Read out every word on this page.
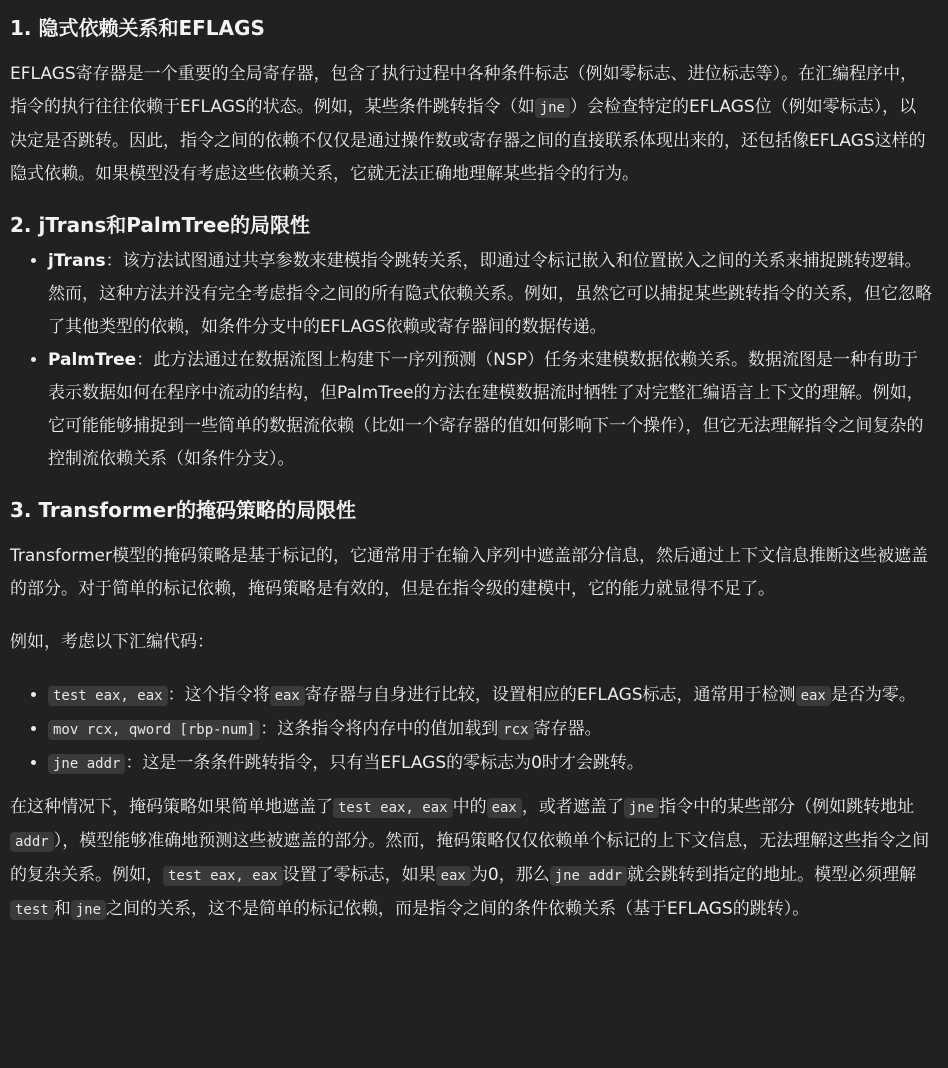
1. 隐式依赖关系和EFLAGS

EFLAGS寄存器是一个重要的全局寄存器，包含了执行过程中各种条件标志（例如零标志、进位标志等）。在汇编程序中，指令的执行往往依赖于EFLAGS的状态。例如，某些条件跳转指令（如 jne ）会检查特定的EFLAGS位（例如零标志），以决定是否跳转。因此，指令之间的依赖不仅仅是通过操作数或寄存器之间的直接联系体现出来的，还包括像EFLAGS这样的隐式依赖。如果模型没有考虑这些依赖关系，它就无法正确地理解某些指令的行为。

2. jTrans和PalmTree的局限性
• jTrans：该方法试图通过共享参数来建模指令跳转关系，即通过令标记嵌入和位置嵌入之间的关系来捕捉跳转逻辑。然而，这种方法并没有完全考虑指令之间的所有隐式依赖关系。例如，虽然它可以捕捉某些跳转指令的关系，但它忽略了其他类型的依赖，如条件分支中的EFLAGS依赖或寄存器间的数据传递。
• PalmTree：此方法通过在数据流图上构建下一序列预测（NSP）任务来建模数据依赖关系。数据流图是一种有助于表示数据如何在程序中流动的结构，但PalmTree的方法在建模数据流时牺牲了对完整汇编语言上下文的理解。例如，它可能能够捕捉到一些简单的数据流依赖（比如一个寄存器的值如何影响下一个操作），但它无法理解指令之间复杂的控制流依赖关系（如条件分支）。
3. Transformer的掩码策略的局限性

Transformer模型的掩码策略是基于标记的，它通常用于在输入序列中遮盖部分信息，然后通过上下文信息推断这些被遮盖的部分。对于简单的标记依赖，掩码策略是有效的，但是在指令级的建模中，它的能力就显得不足了。

例如，考虑以下汇编代码：

• test eax, eax ：这个指令将 eax 寄存器与自身进行比较，设置相应的EFLAGS标志，通常用于检测 eax 是否为零。
• mov rcx, qword [rbp-num] ：这条指令将内存中的值加载到 rcx 寄存器。
• jne addr ：这是一条条件跳转指令，只有当EFLAGS的零标志为0时才会跳转。

在这种情况下，掩码策略如果简单地遮盖了 test eax, eax 中的 eax ，或者遮盖了 jne 指令中的某些部分（例如跳转地址addr ），模型能够准确地预测这些被遮盖的部分。然而，掩码策略仅仅依赖单个标记的上下文信息，无法理解这些指令之间的复杂关系。例如， test eax, eax 设置了零标志，如果 eax 为0，那么 jne addr 就会跳转到指定的地址。模型必须理解test 和 jne 之间的关系，这不是简单的标记依赖，而是指令之间的条件依赖关系（基于EFLAGS的跳转）。
